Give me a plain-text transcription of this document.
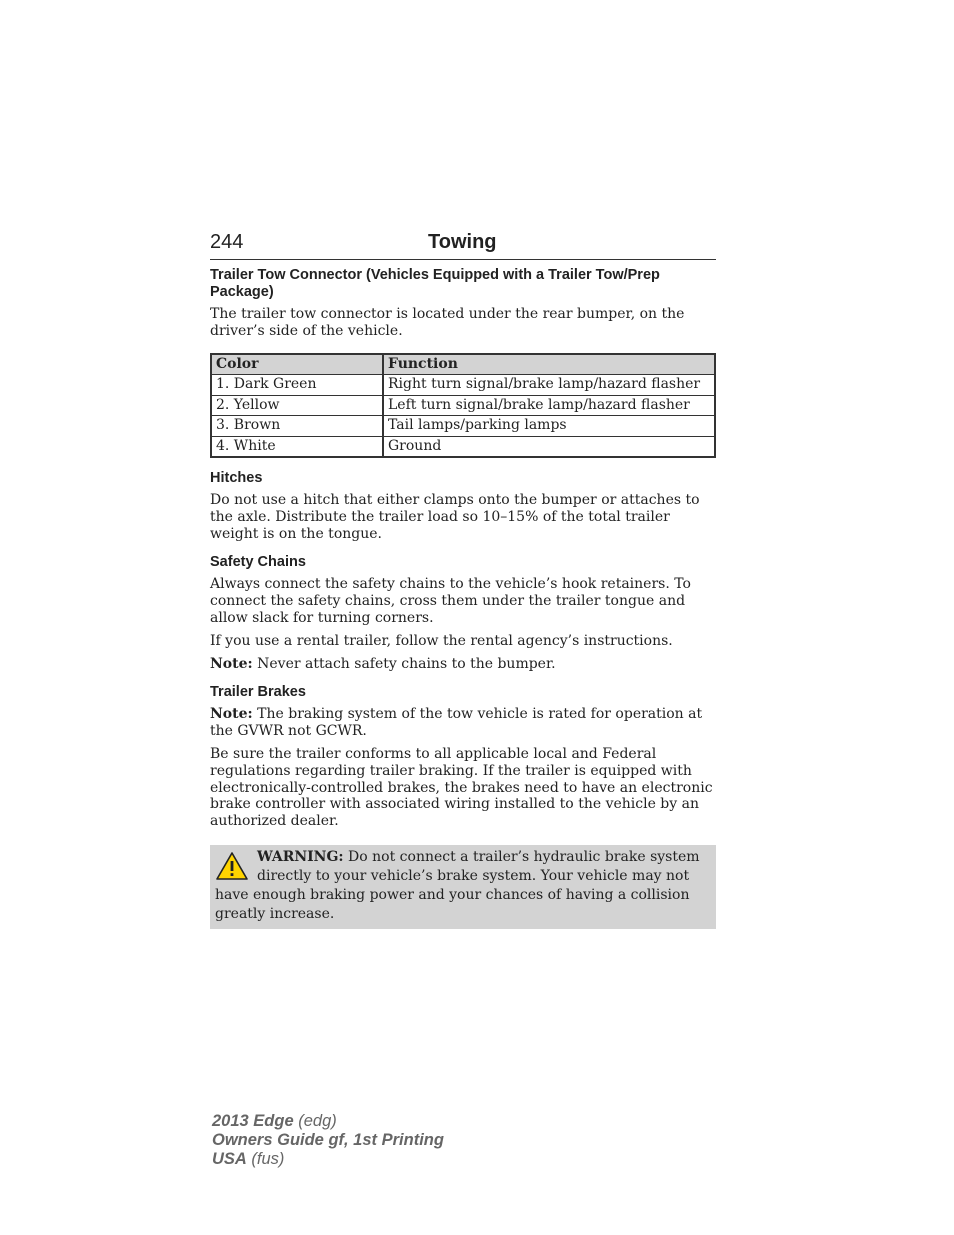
244	Towing
Trailer Tow Connector (Vehicles Equipped with a Trailer Tow/Prep Package)

The trailer tow connector is located under the rear bumper, on the driver’s side of the vehicle.

Color	Function
1. Dark Green	Right turn signal/brake lamp/hazard flasher
2. Yellow	Left turn signal/brake lamp/hazard flasher
3. Brown	Tail lamps/parking lamps
4. White	Ground
Hitches

Do not use a hitch that either clamps onto the bumper or attaches to the axle. Distribute the trailer load so 10–15% of the total trailer weight is on the tongue.

Safety Chains

Always connect the safety chains to the vehicle’s hook retainers. To connect the safety chains, cross them under the trailer tongue and allow slack for turning corners.

If you use a rental trailer, follow the rental agency’s instructions.

Note: Never attach safety chains to the bumper.

Trailer Brakes

Note: The braking system of the tow vehicle is rated for operation at the GVWR not GCWR.

Be sure the trailer conforms to all applicable local and Federal regulations regarding trailer braking. If the trailer is equipped with electronically-controlled brakes, the brakes need to have an electronic brake controller with associated wiring installed to the vehicle by an authorized dealer.

WARNING: Do not connect a trailer’s hydraulic brake system directly to your vehicle’s brake system. Your vehicle may not have enough braking power and your chances of having a collision greatly increase.

2013 Edge (edg)
Owners Guide gf, 1st Printing
USA (fus)
